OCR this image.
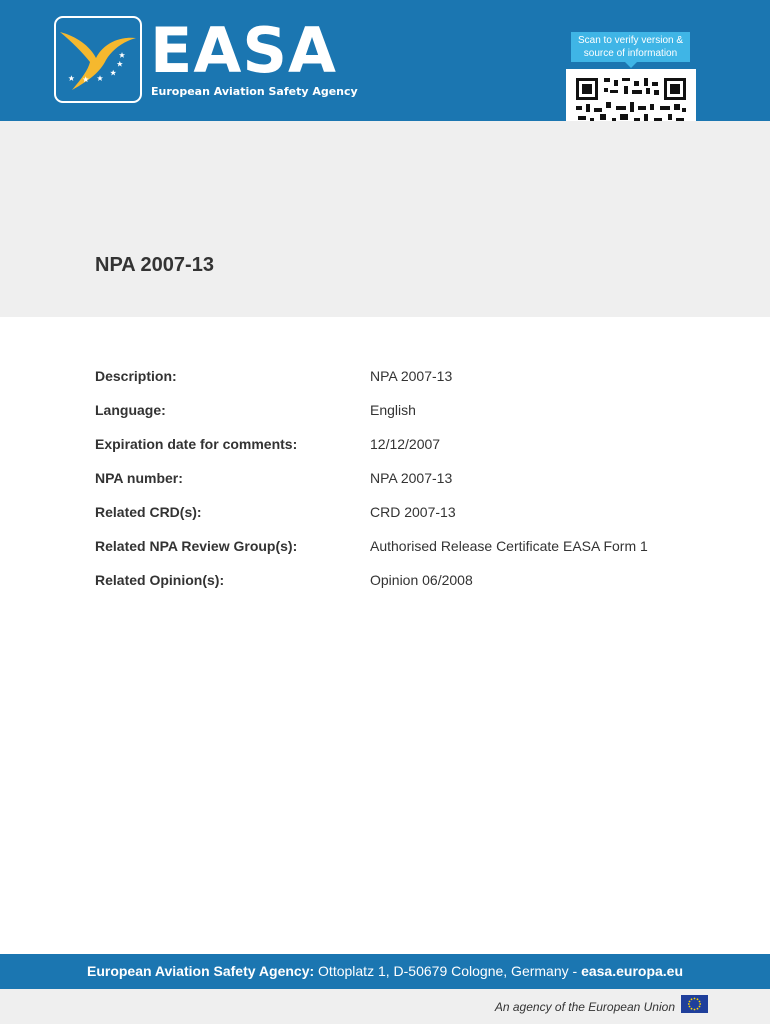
EASA
European Aviation Safety Agency
Scan to verify version & source of information
NPA 2007-13
Description:	NPA 2007-13
Language:	English
Expiration date for comments:	12/12/2007
NPA number:	NPA 2007-13
Related CRD(s):	CRD 2007-13
Related NPA Review Group(s):	Authorised Release Certificate EASA Form 1
Related Opinion(s):	Opinion 06/2008
European Aviation Safety Agency: Ottoplatz 1, D-50679 Cologne, Germany - easa.europa.eu
An agency of the European Union
